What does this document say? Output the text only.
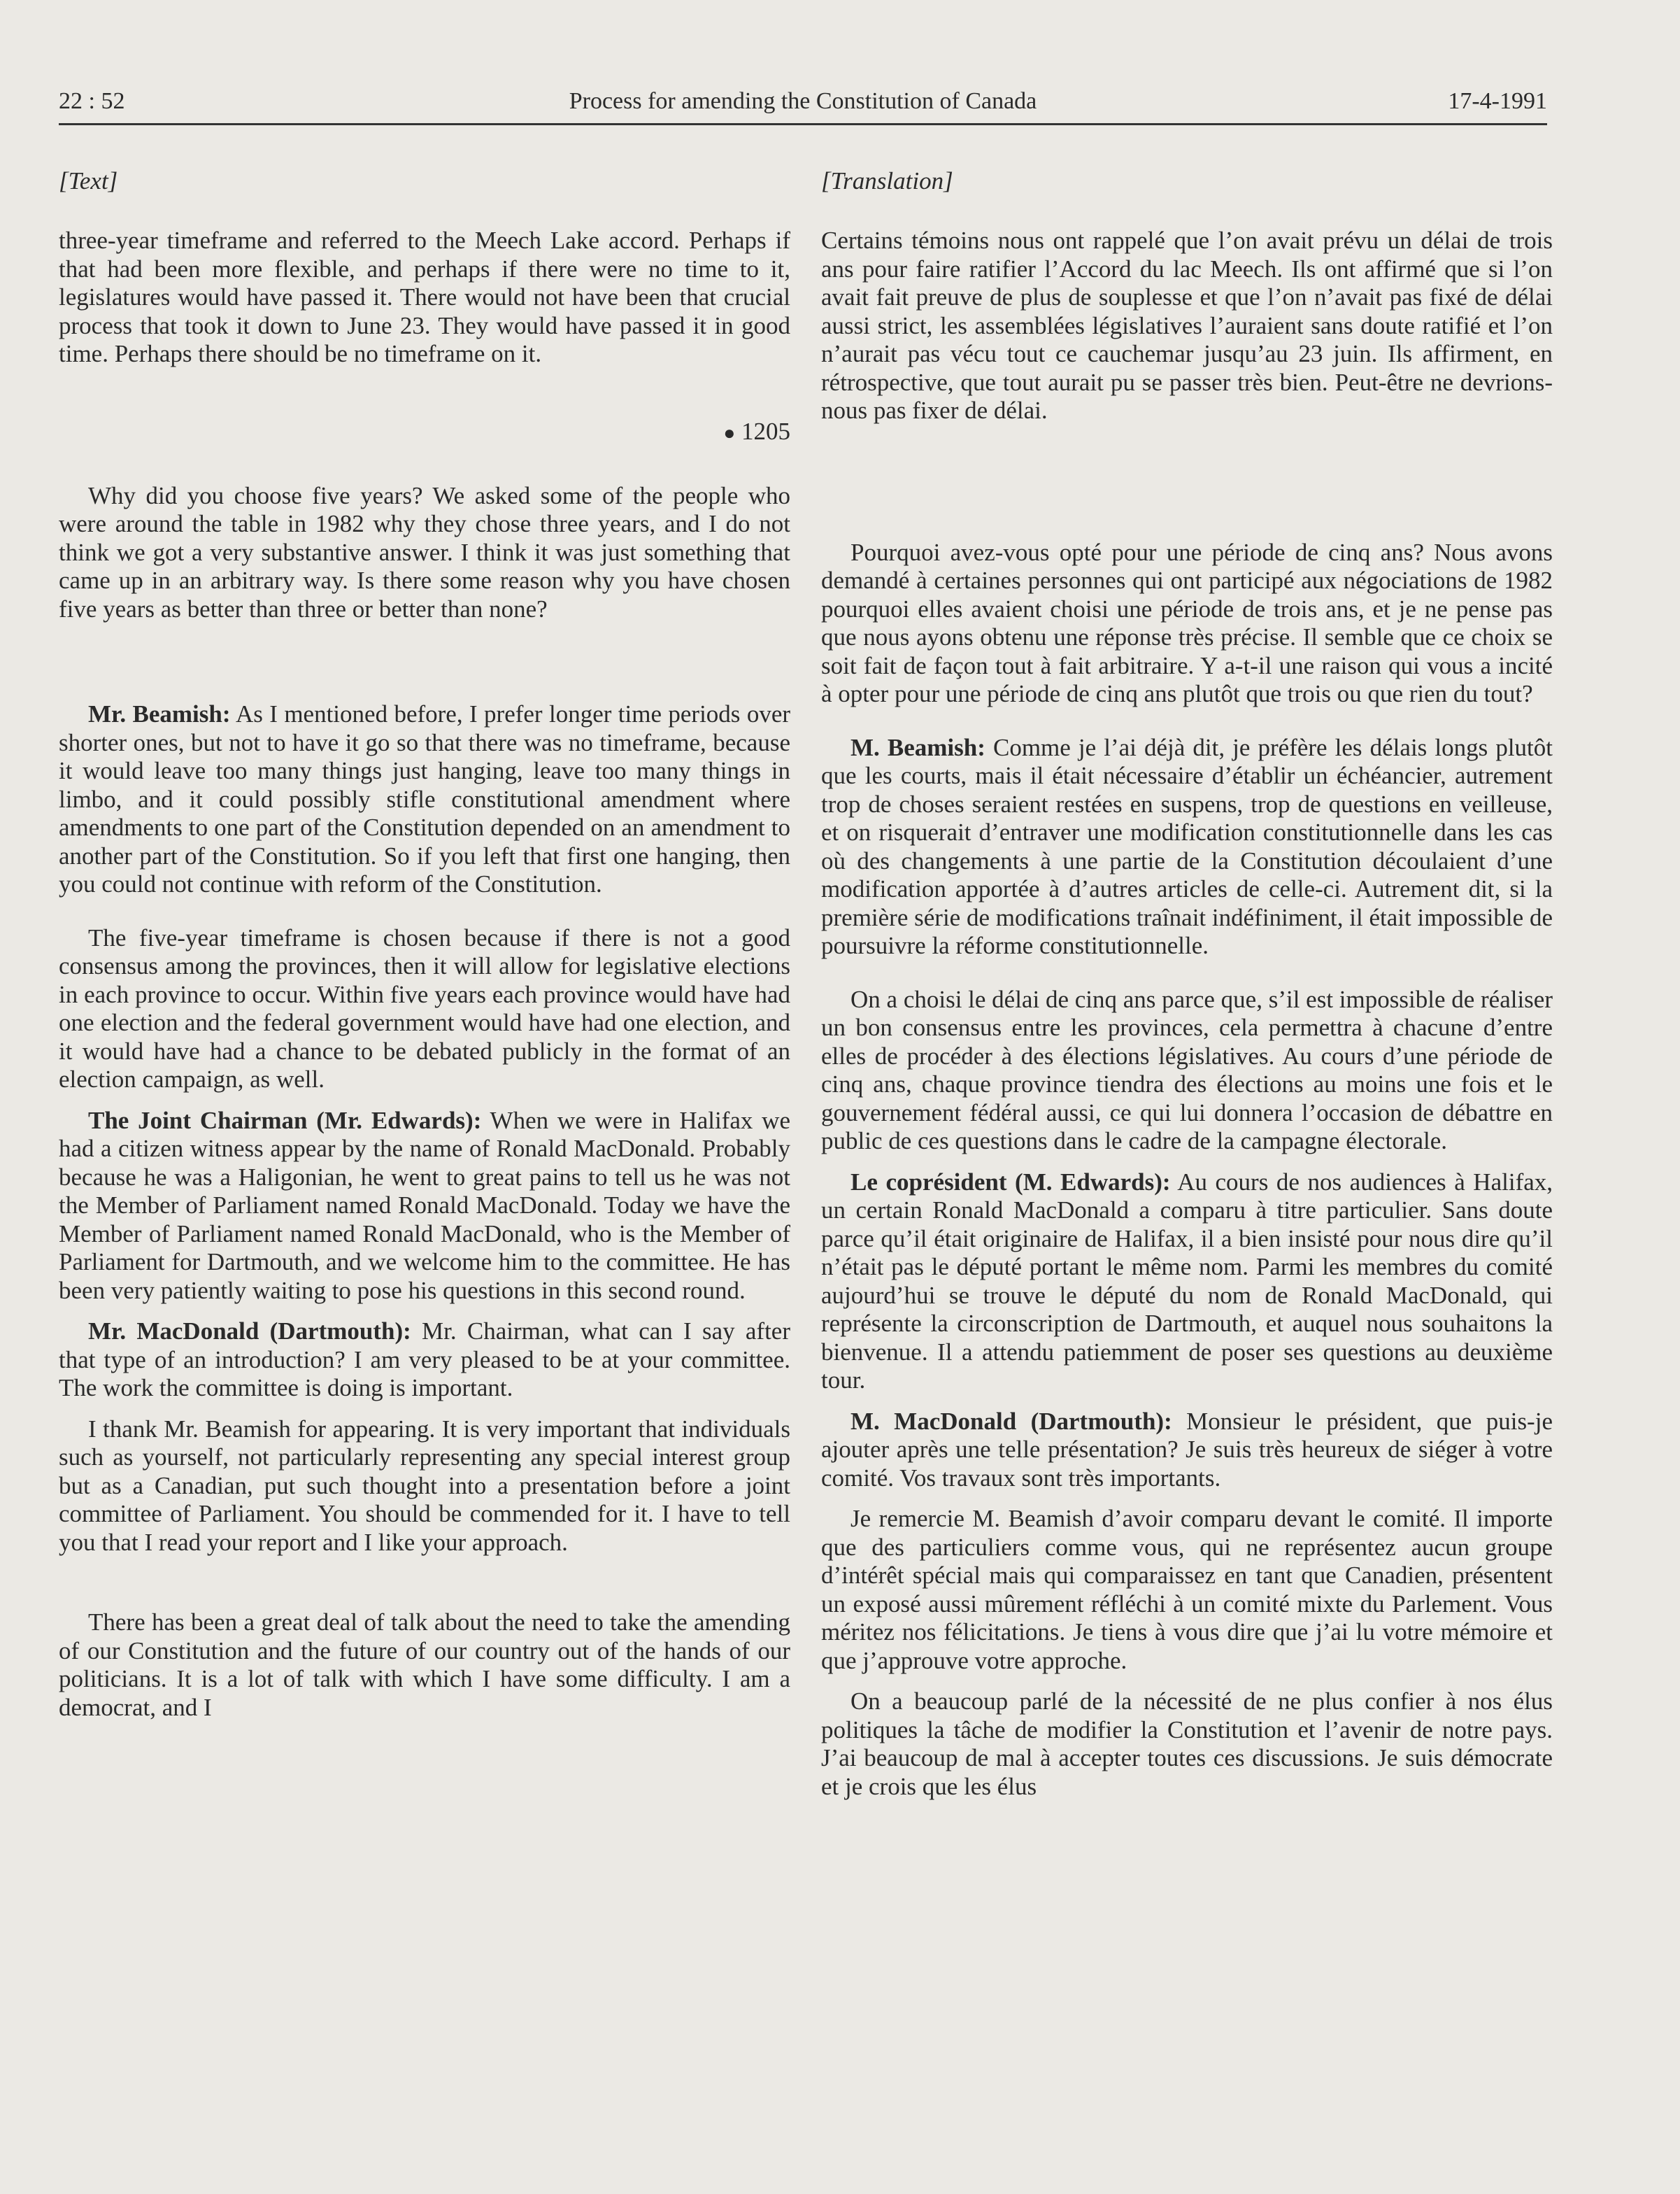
22 : 52	Process for amending the Constitution of Canada	17-4-1991
[Text]

three-year timeframe and referred to the Meech Lake accord. Perhaps if that had been more flexible, and perhaps if there were no time to it, legislatures would have passed it. There would not have been that crucial process that took it down to June 23. They would have passed it in good time. Perhaps there should be no timeframe on it.

● 1205

Why did you choose five years? We asked some of the people who were around the table in 1982 why they chose three years, and I do not think we got a very substantive answer. I think it was just something that came up in an arbitrary way. Is there some reason why you have chosen five years as better than three or better than none?

Mr. Beamish: As I mentioned before, I prefer longer time periods over shorter ones, but not to have it go so that there was no timeframe, because it would leave too many things just hanging, leave too many things in limbo, and it could possibly stifle constitutional amendment where amendments to one part of the Constitution depended on an amendment to another part of the Constitution. So if you left that first one hanging, then you could not continue with reform of the Constitution.

The five-year timeframe is chosen because if there is not a good consensus among the provinces, then it will allow for legislative elections in each province to occur. Within five years each province would have had one election and the federal government would have had one election, and it would have had a chance to be debated publicly in the format of an election campaign, as well.

The Joint Chairman (Mr. Edwards): When we were in Halifax we had a citizen witness appear by the name of Ronald MacDonald. Probably because he was a Haligonian, he went to great pains to tell us he was not the Member of Parliament named Ronald MacDonald. Today we have the Member of Parliament named Ronald MacDonald, who is the Member of Parliament for Dartmouth, and we welcome him to the committee. He has been very patiently waiting to pose his questions in this second round.

Mr. MacDonald (Dartmouth): Mr. Chairman, what can I say after that type of an introduction? I am very pleased to be at your committee. The work the committee is doing is important.

I thank Mr. Beamish for appearing. It is very important that individuals such as yourself, not particularly representing any special interest group but as a Canadian, put such thought into a presentation before a joint committee of Parliament. You should be commended for it. I have to tell you that I read your report and I like your approach.

There has been a great deal of talk about the need to take the amending of our Constitution and the future of our country out of the hands of our politicians. It is a lot of talk with which I have some difficulty. I am a democrat, and I

[Translation]

Certains témoins nous ont rappelé que l’on avait prévu un délai de trois ans pour faire ratifier l’Accord du lac Meech. Ils ont affirmé que si l’on avait fait preuve de plus de souplesse et que l’on n’avait pas fixé de délai aussi strict, les assemblées législatives l’auraient sans doute ratifié et l’on n’aurait pas vécu tout ce cauchemar jusqu’au 23 juin. Ils affirment, en rétrospective, que tout aurait pu se passer très bien. Peut-être ne devrions-nous pas fixer de délai.

Pourquoi avez-vous opté pour une période de cinq ans? Nous avons demandé à certaines personnes qui ont participé aux négociations de 1982 pourquoi elles avaient choisi une période de trois ans, et je ne pense pas que nous ayons obtenu une réponse très précise. Il semble que ce choix se soit fait de façon tout à fait arbitraire. Y a-t-il une raison qui vous a incité à opter pour une période de cinq ans plutôt que trois ou que rien du tout?

M. Beamish: Comme je l’ai déjà dit, je préfère les délais longs plutôt que les courts, mais il était nécessaire d’établir un échéancier, autrement trop de choses seraient restées en suspens, trop de questions en veilleuse, et on risquerait d’entraver une modification constitutionnelle dans les cas où des changements à une partie de la Constitution découlaient d’une modification apportée à d’autres articles de celle-ci. Autrement dit, si la première série de modifications traînait indéfiniment, il était impossible de poursuivre la réforme constitutionnelle.

On a choisi le délai de cinq ans parce que, s’il est impossible de réaliser un bon consensus entre les provinces, cela permettra à chacune d’entre elles de procéder à des élections législatives. Au cours d’une période de cinq ans, chaque province tiendra des élections au moins une fois et le gouvernement fédéral aussi, ce qui lui donnera l’occasion de débattre en public de ces questions dans le cadre de la campagne électorale.

Le coprésident (M. Edwards): Au cours de nos audiences à Halifax, un certain Ronald MacDonald a comparu à titre particulier. Sans doute parce qu’il était originaire de Halifax, il a bien insisté pour nous dire qu’il n’était pas le député portant le même nom. Parmi les membres du comité aujourd’hui se trouve le député du nom de Ronald MacDonald, qui représente la circonscription de Dartmouth, et auquel nous souhaitons la bienvenue. Il a attendu patiemment de poser ses questions au deuxième tour.

M. MacDonald (Dartmouth): Monsieur le président, que puis-je ajouter après une telle présentation? Je suis très heureux de siéger à votre comité. Vos travaux sont très importants.

Je remercie M. Beamish d’avoir comparu devant le comité. Il importe que des particuliers comme vous, qui ne représentez aucun groupe d’intérêt spécial mais qui comparaissez en tant que Canadien, présentent un exposé aussi mûrement réfléchi à un comité mixte du Parlement. Vous méritez nos félicitations. Je tiens à vous dire que j’ai lu votre mémoire et que j’approuve votre approche.

On a beaucoup parlé de la nécessité de ne plus confier à nos élus politiques la tâche de modifier la Constitution et l’avenir de notre pays. J’ai beaucoup de mal à accepter toutes ces discussions. Je suis démocrate et je crois que les élus
